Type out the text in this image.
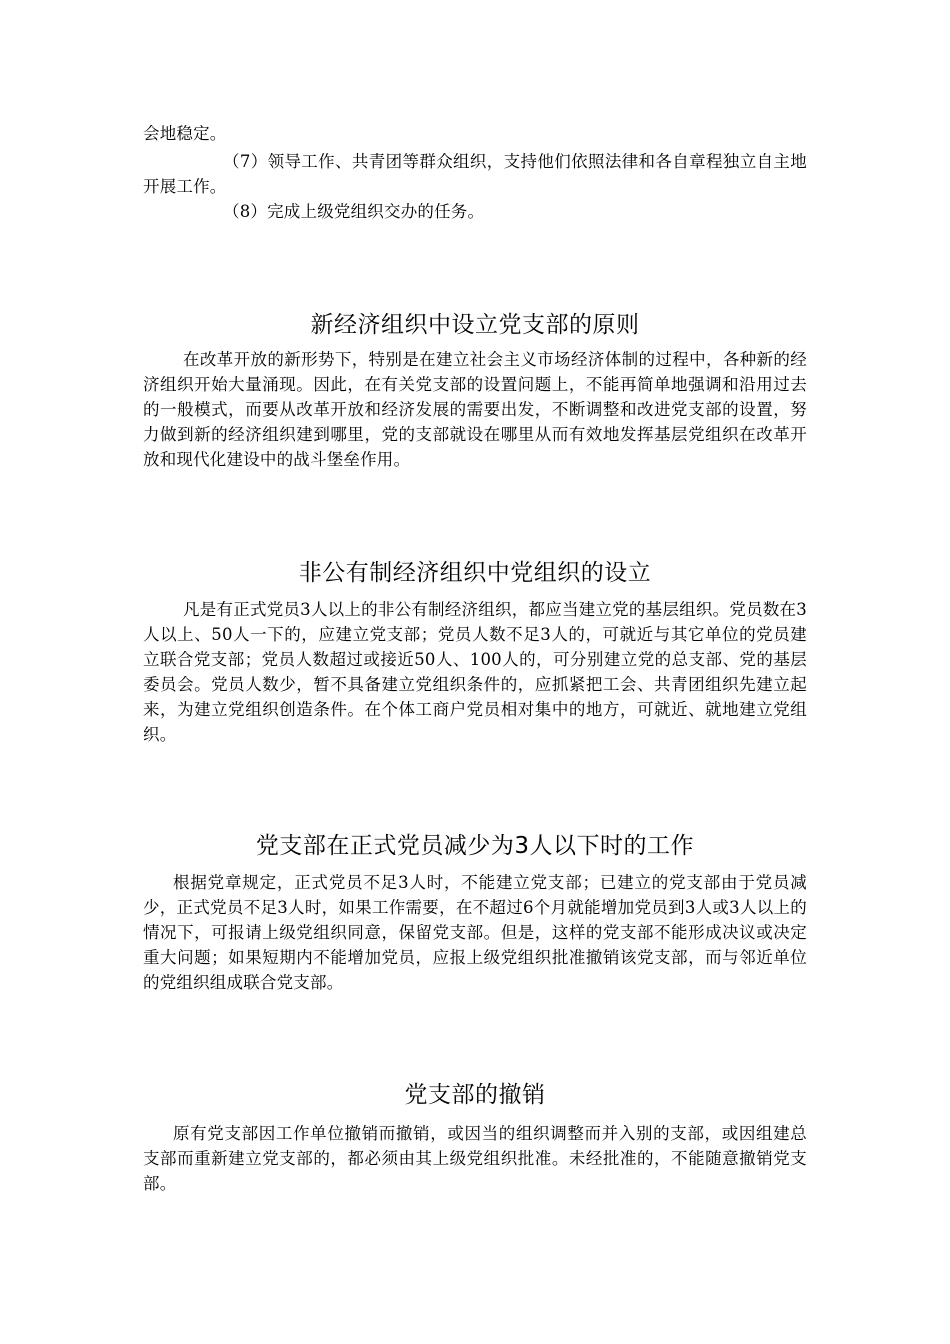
会地稳定。

（7）领导工作、共青团等群众组织，支持他们依照法律和各自章程独立自主地开展工作。

（8）完成上级党组织交办的任务。

新经济组织中设立党支部的原则

在改革开放的新形势下，特别是在建立社会主义市场经济体制的过程中，各种新的经济组织开始大量涌现。因此，在有关党支部的设置问题上，不能再简单地强调和沿用过去的一般模式，而要从改革开放和经济发展的需要出发，不断调整和改进党支部的设置，努力做到新的经济组织建到哪里，党的支部就设在哪里从而有效地发挥基层党组织在改革开放和现代化建设中的战斗堡垒作用。

非公有制经济组织中党组织的设立

凡是有正式党员3人以上的非公有制经济组织，都应当建立党的基层组织。党员数在3人以上、50人一下的，应建立党支部；党员人数不足3人的，可就近与其它单位的党员建立联合党支部；党员人数超过或接近50人、100人的，可分别建立党的总支部、党的基层委员会。党员人数少，暂不具备建立党组织条件的，应抓紧把工会、共青团组织先建立起来，为建立党组织创造条件。在个体工商户党员相对集中的地方，可就近、就地建立党组织。

党支部在正式党员减少为3人以下时的工作

根据党章规定，正式党员不足3人时，不能建立党支部；已建立的党支部由于党员减少，正式党员不足3人时，如果工作需要，在不超过6个月就能增加党员到3人或3人以上的情况下，可报请上级党组织同意，保留党支部。但是，这样的党支部不能形成决议或决定重大问题；如果短期内不能增加党员，应报上级党组织批准撤销该党支部，而与邻近单位的党组织组成联合党支部。

党支部的撤销

原有党支部因工作单位撤销而撤销，或因当的组织调整而并入别的支部，或因组建总支部而重新建立党支部的，都必须由其上级党组织批准。未经批准的，不能随意撤销党支部。
